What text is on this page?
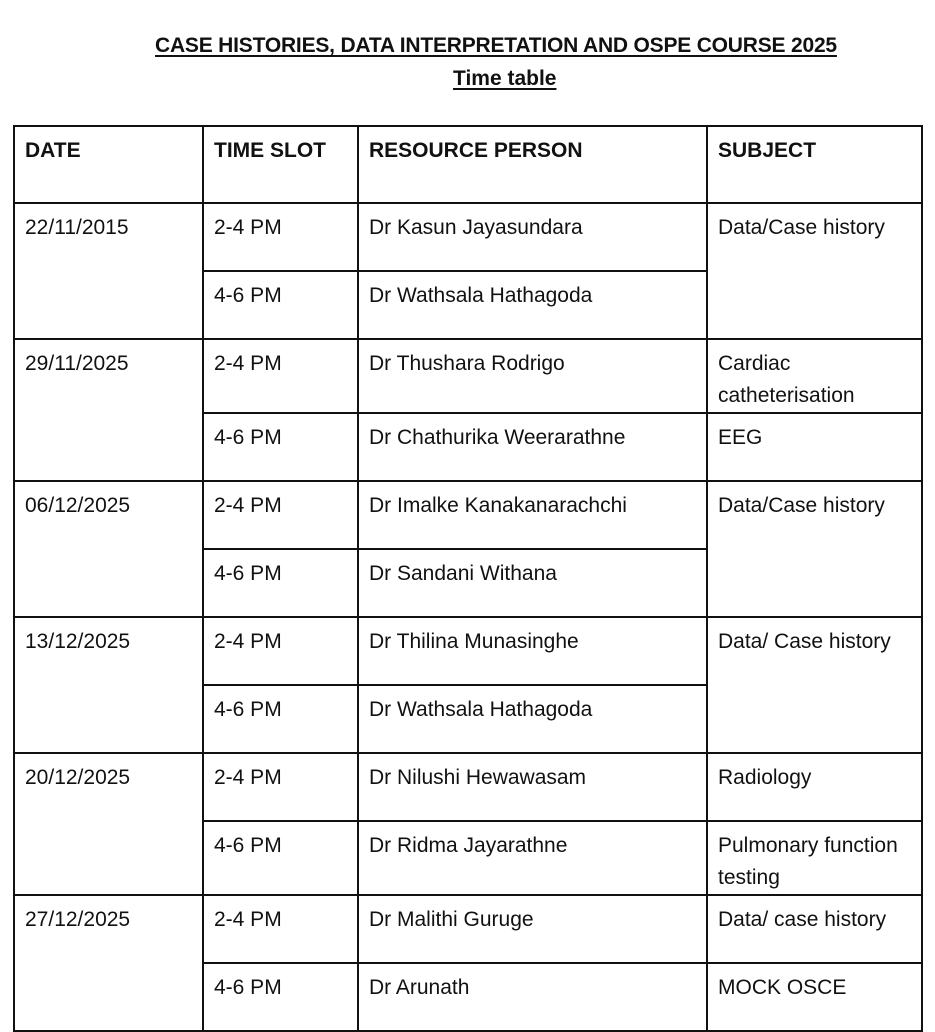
CASE HISTORIES, DATA INTERPRETATION AND OSPE COURSE 2025
Time table
DATE	TIME SLOT	RESOURCE PERSON	SUBJECT
22/11/2015	2-4 PM	Dr Kasun Jayasundara	Data/Case history
	4-6 PM	Dr Wathsala Hathagoda	
29/11/2025	2-4 PM	Dr Thushara Rodrigo	Cardiac catheterisation
	4-6 PM	Dr Chathurika Weerarathne	EEG
06/12/2025	2-4 PM	Dr Imalke Kanakanarachchi	Data/Case history
	4-6 PM	Dr Sandani Withana	
13/12/2025	2-4 PM	Dr Thilina Munasinghe	Data/ Case history
	4-6 PM	Dr Wathsala Hathagoda	
20/12/2025	2-4 PM	Dr Nilushi Hewawasam	Radiology
	4-6 PM	Dr Ridma Jayarathne	Pulmonary function testing
27/12/2025	2-4 PM	Dr Malithi Guruge	Data/ case history
	4-6 PM	Dr Arunath	MOCK OSCE
